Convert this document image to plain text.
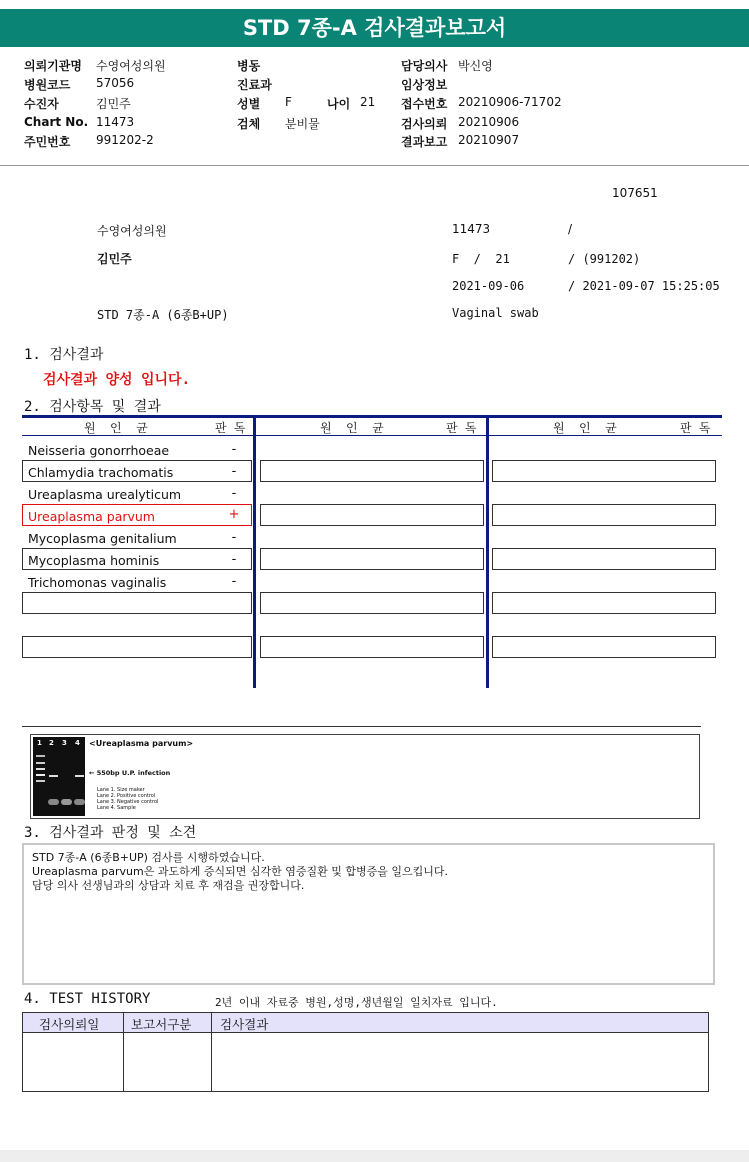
STD 7종-A 검사결과보고서
의뢰기관명 수영여성의원
병원코드 57056
수진자	김민주
Chart No. 11473
주민번호 991202-2
병동
진료과
성별 F	나이 21
검체 분비물
담당의사 박신영
임상정보
접수번호 20210906-71702
검사의뢰 20210906
결과보고 20210907
107651
수영여성의원	11473	/
김민주	F  /  21	/ (991202)
2021-09-06	/ 2021-09-07 15:25:05
STD 7종-A (6종B+UP)	Vaginal swab
1. 검사결과
검사결과 양성 입니다.
2. 검사항목 및 결과
원  인  균	판 독	원  인  균	판 독	원  인  균	판 독
Neisseria gonorrhoeae	-
Chlamydia trachomatis	-
Ureaplasma urealyticum	-
Ureaplasma parvum	+
Mycoplasma genitalium	-
Mycoplasma hominis	-
Trichomonas vaginalis	-
1 2 3 4 <Ureaplasma parvum>
← 550bp U.P. infection
Lane 1. Size maker
Lane 2. Positive control
Lane 3. Negative control
Lane 4. Sample
3. 검사결과 판정 및 소견
STD 7종-A (6종B+UP) 검사를 시행하였습니다.
Ureaplasma parvum은 과도하게 증식되면 심각한 염증질환 및 합병증을 일으킵니다.
담당 의사 선생님과의 상담과 치료 후 재검을 권장합니다.
4. TEST HISTORY	2년 이내 자료중 병원,성명,생년월일 일치자료 입니다.
검사의뢰일	보고서구분 검사결과
